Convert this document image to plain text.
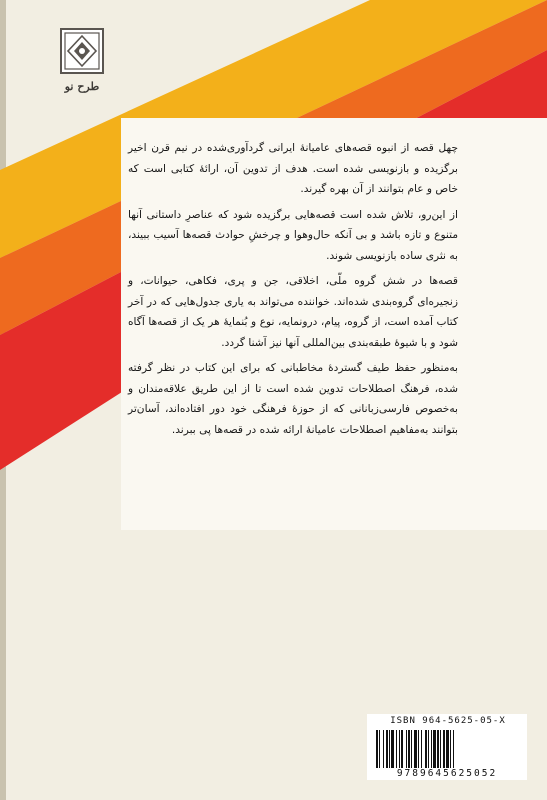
طرح نو

چهل قصه از انبوه قصه‌های عامیانهٔ ایرانی گردآوری‌شده در نیم قرن اخیر برگزیده و بازنویسی شده است. هدف از تدوین آن، ارائهٔ کتابی است که خاص و عام بتوانند از آن بهره گیرند.

از این‌رو، تلاش شده است قصه‌هایی برگزیده شود که عناصرِ داستانی آنها متنوع و تازه باشد و بی آنکه حال‌وهوا و چرخشِ حوادث قصه‌ها آسیب ببیند، به نثری ساده بازنویسی شوند.

قصه‌ها در شش گروه ملّی، اخلاقی، جن و پری، فکاهی، حیوانات، و زنجیره‌ای گروه‌بندی شده‌اند. خواننده می‌تواند به یاری جدول‌هایی که در آخر کتاب آمده است، از گروه، پیام، درونمایه، نوع و بُنمایهٔ هر یک از قصه‌ها آگاه شود و با شیوهٔ طبقه‌بندی بین‌المللی آنها نیز آشنا گردد.

به‌منظور حفظ طیف گستردهٔ مخاطبانی که برای این کتاب در نظر گرفته شده، فرهنگ اصطلاحات تدوین شده است تا از این طریق علاقه‌مندان و به‌خصوص فارسی‌زبانانی که از حوزهٔ فرهنگی خود دور افتاده‌اند، آسان‌تر بتوانند به‌مفاهیم اصطلاحات عامیانهٔ ارائه شده در قصه‌ها پی ببرند.

ISBN 964-5625-05-X
9789645625052
